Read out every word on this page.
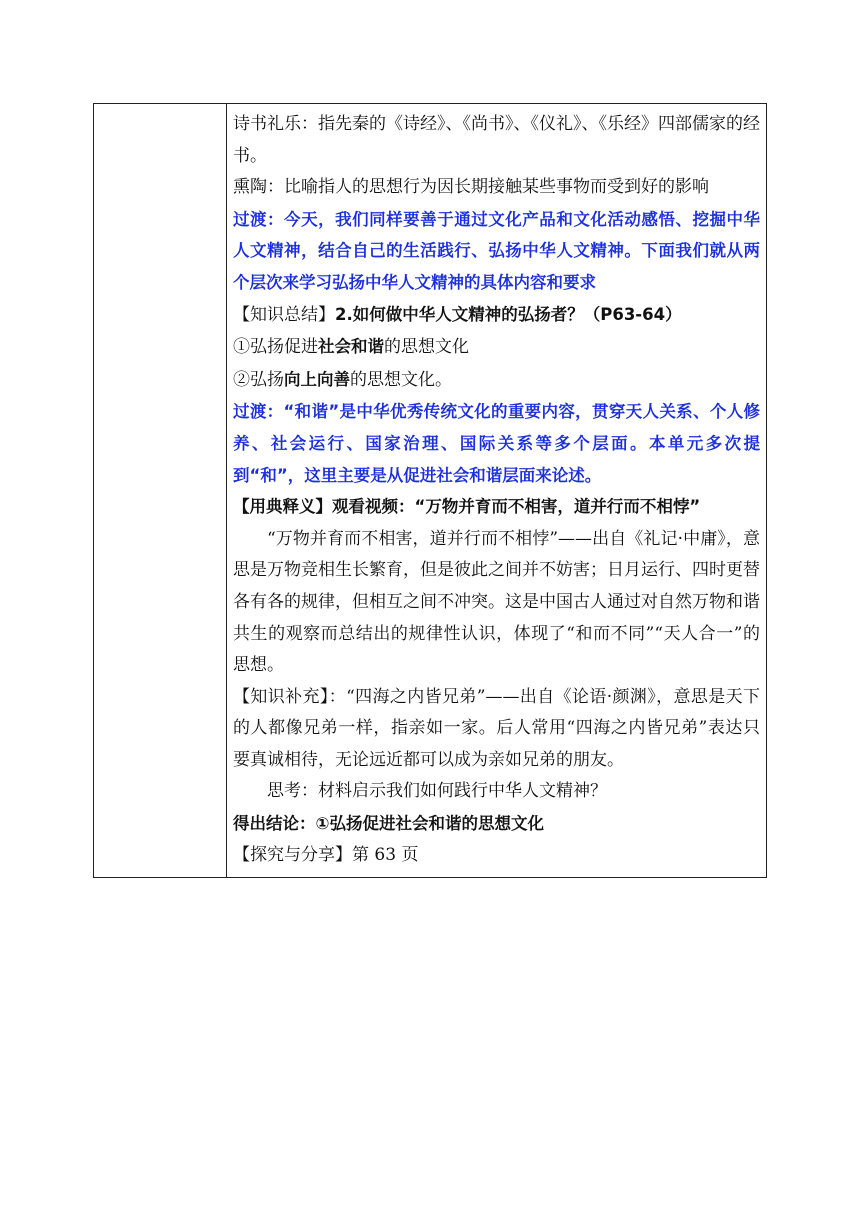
诗书礼乐：指先秦的《诗经》、《尚书》、《仪礼》、《乐经》四部儒家的经书。

熏陶：比喻指人的思想行为因长期接触某些事物而受到好的影响

过渡：今天，我们同样要善于通过文化产品和文化活动感悟、挖掘中华人文精神，结合自己的生活践行、弘扬中华人文精神。下面我们就从两个层次来学习弘扬中华人文精神的具体内容和要求

【知识总结】2.如何做中华人文精神的弘扬者？（P63-64）

①弘扬促进社会和谐的思想文化

②弘扬向上向善的思想文化。

过渡：“和谐”是中华优秀传统文化的重要内容，贯穿天人关系、个人修养、社会运行、国家治理、国际关系等多个层面。本单元多次提到“和”，这里主要是从促进社会和谐层面来论述。

【用典释义】观看视频：“万物并育而不相害，道并行而不相悖”

“万物并育而不相害，道并行而不相悖”——出自《礼记·中庸》，意思是万物竞相生长繁育，但是彼此之间并不妨害；日月运行、四时更替各有各的规律，但相互之间不冲突。这是中国古人通过对自然万物和谐共生的观察而总结出的规律性认识，体现了“和而不同”“天人合一”的思想。

【知识补充】：“四海之内皆兄弟”——出自《论语·颜渊》，意思是天下的人都像兄弟一样，指亲如一家。后人常用“四海之内皆兄弟”表达只要真诚相待，无论远近都可以成为亲如兄弟的朋友。

思考：材料启示我们如何践行中华人文精神？

得出结论：①弘扬促进社会和谐的思想文化

【探究与分享】第 63 页
